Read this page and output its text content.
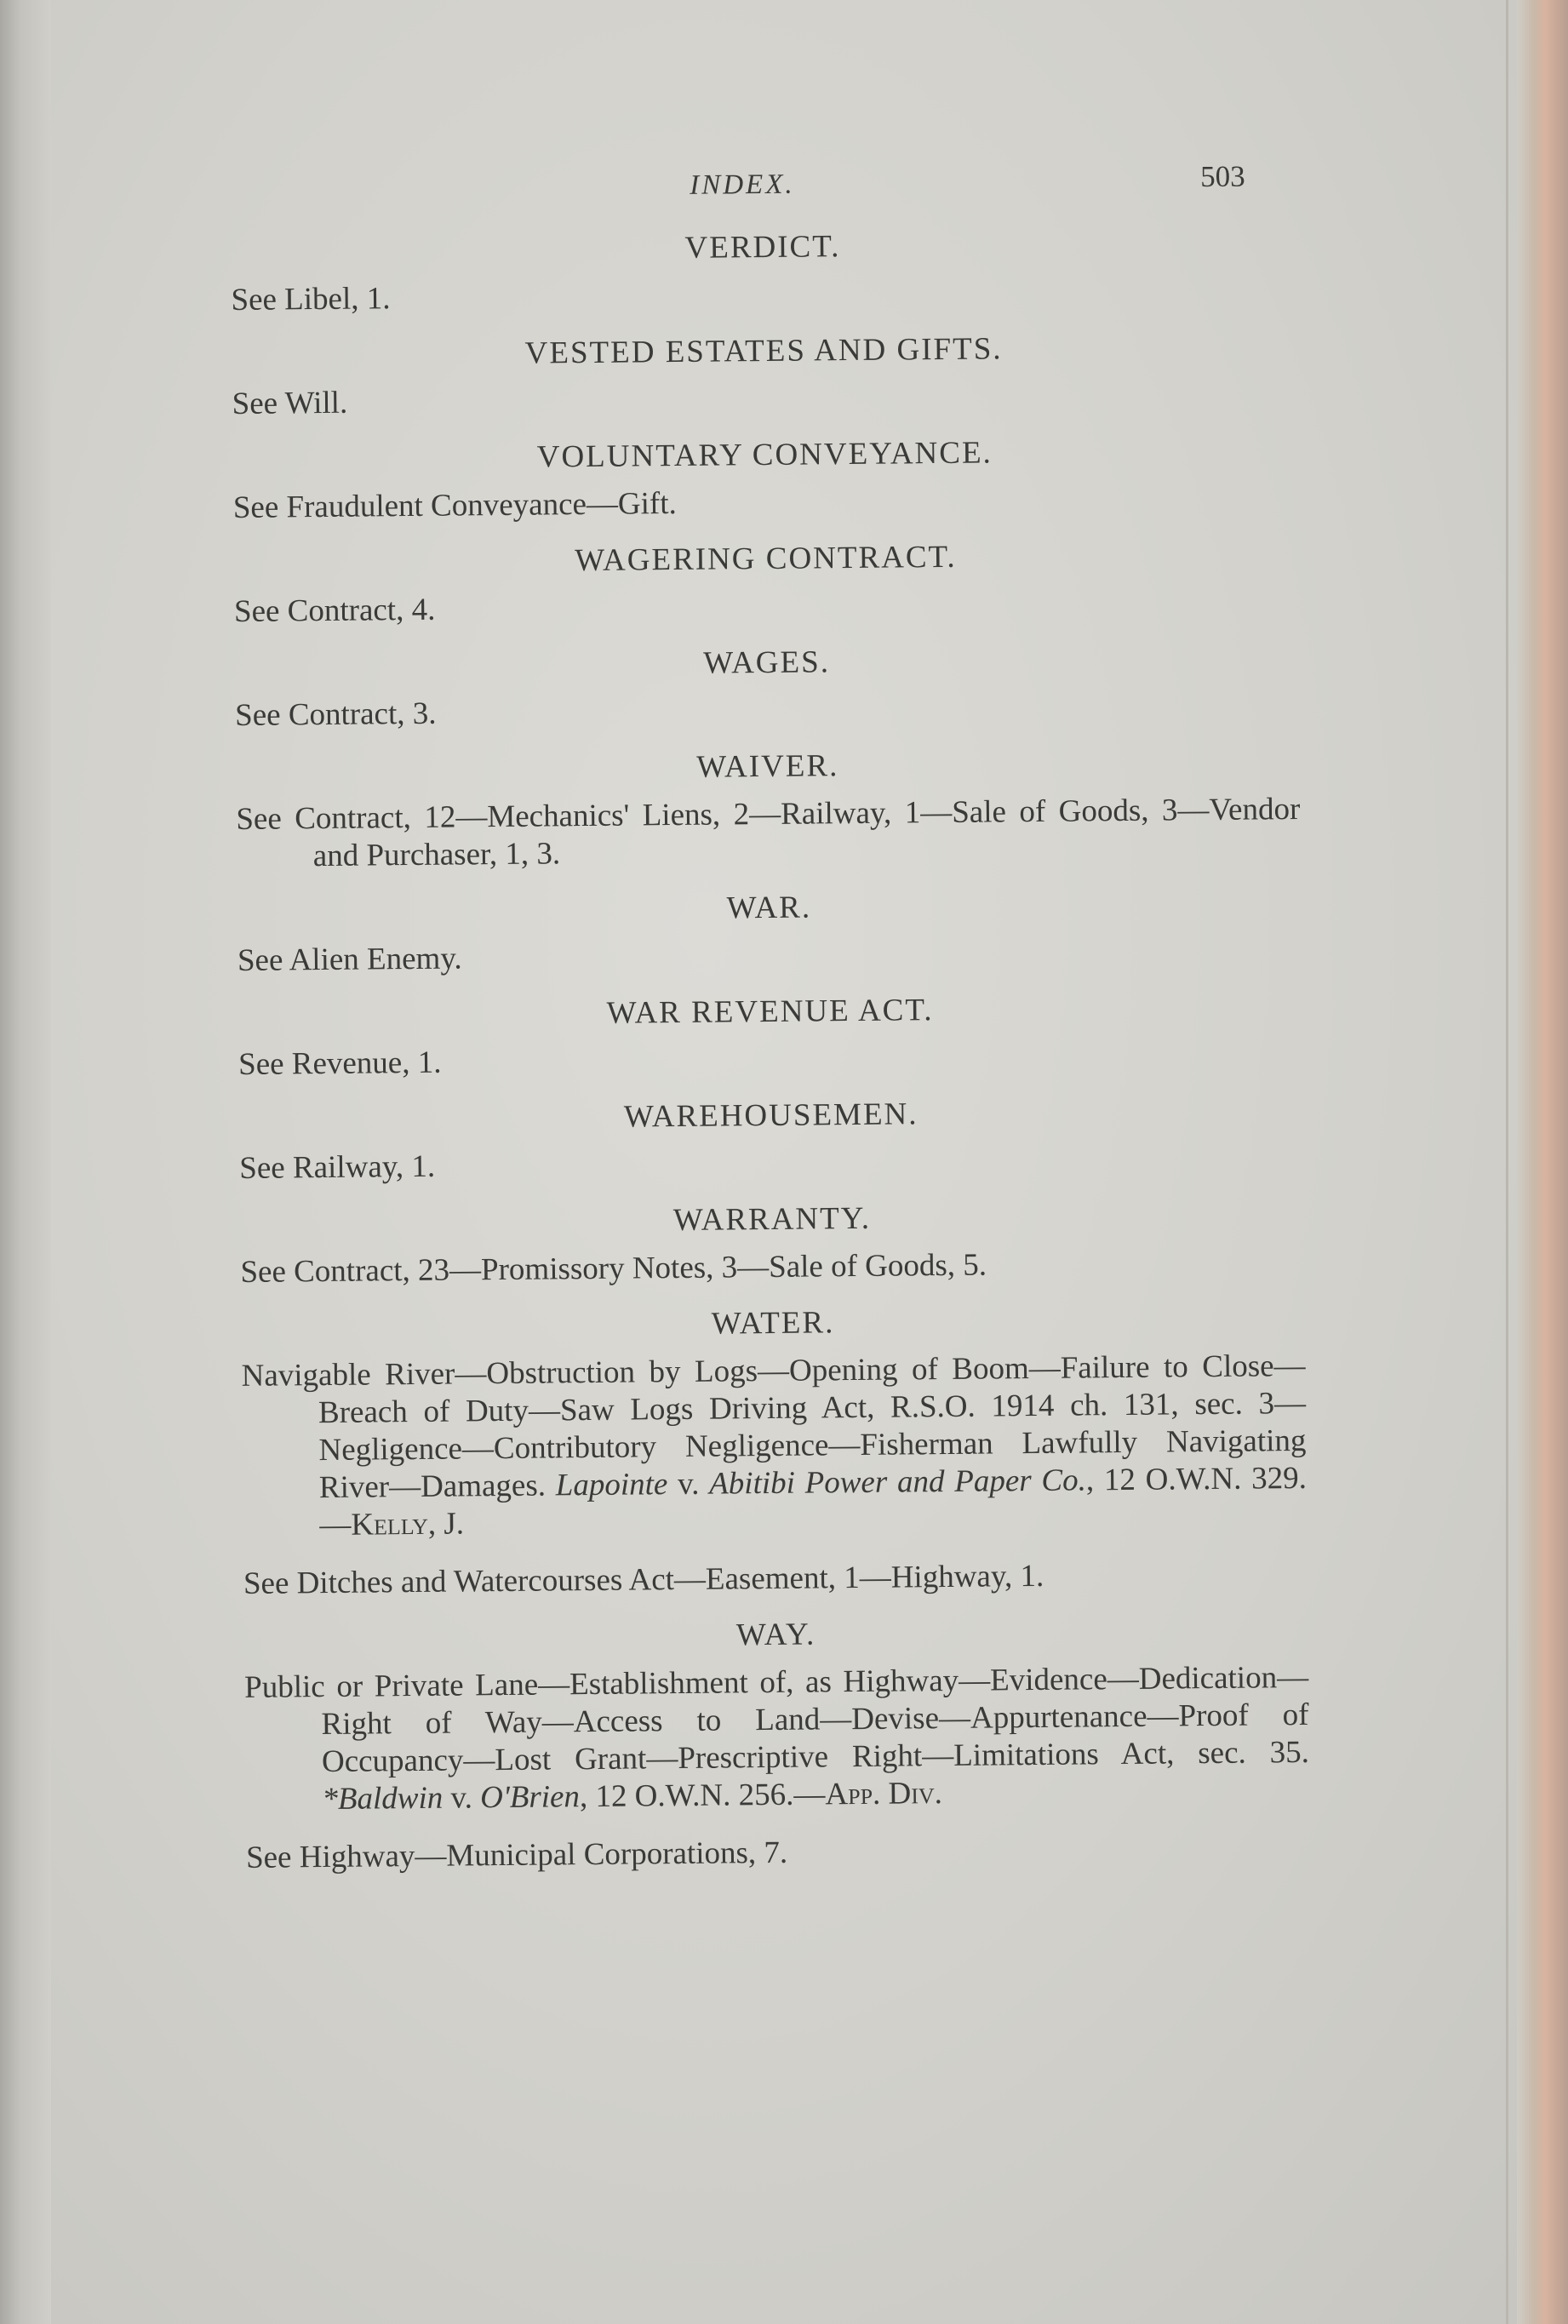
INDEX.	503
VERDICT.

See Libel, 1.

VESTED ESTATES AND GIFTS.

See Will.

VOLUNTARY CONVEYANCE.

See Fraudulent Conveyance—Gift.

WAGERING CONTRACT.

See Contract, 4.

WAGES.

See Contract, 3.

WAIVER.

See Contract, 12—Mechanics' Liens, 2—Railway, 1—Sale of Goods, 3—Vendor and Purchaser, 1, 3.

WAR.

See Alien Enemy.

WAR REVENUE ACT.

See Revenue, 1.

WAREHOUSEMEN.

See Railway, 1.

WARRANTY.

See Contract, 23—Promissory Notes, 3—Sale of Goods, 5.

WATER.

Navigable River—Obstruction by Logs—Opening of Boom—Failure to Close—Breach of Duty—Saw Logs Driving Act, R.S.O. 1914 ch. 131, sec. 3—Negligence—Contributory Negligence—Fisherman Lawfully Navigating River—Damages. Lapointe v. Abitibi Power and Paper Co., 12 O.W.N. 329.—Kelly, J.

See Ditches and Watercourses Act—Easement, 1—Highway, 1.

WAY.

Public or Private Lane—Establishment of, as Highway—Evidence—Dedication—Right of Way—Access to Land—Devise—Appurtenance—Proof of Occupancy—Lost Grant—Prescriptive Right—Limitations Act, sec. 35. *Baldwin v. O'Brien, 12 O.W.N. 256.—App. Div.

See Highway—Municipal Corporations, 7.
